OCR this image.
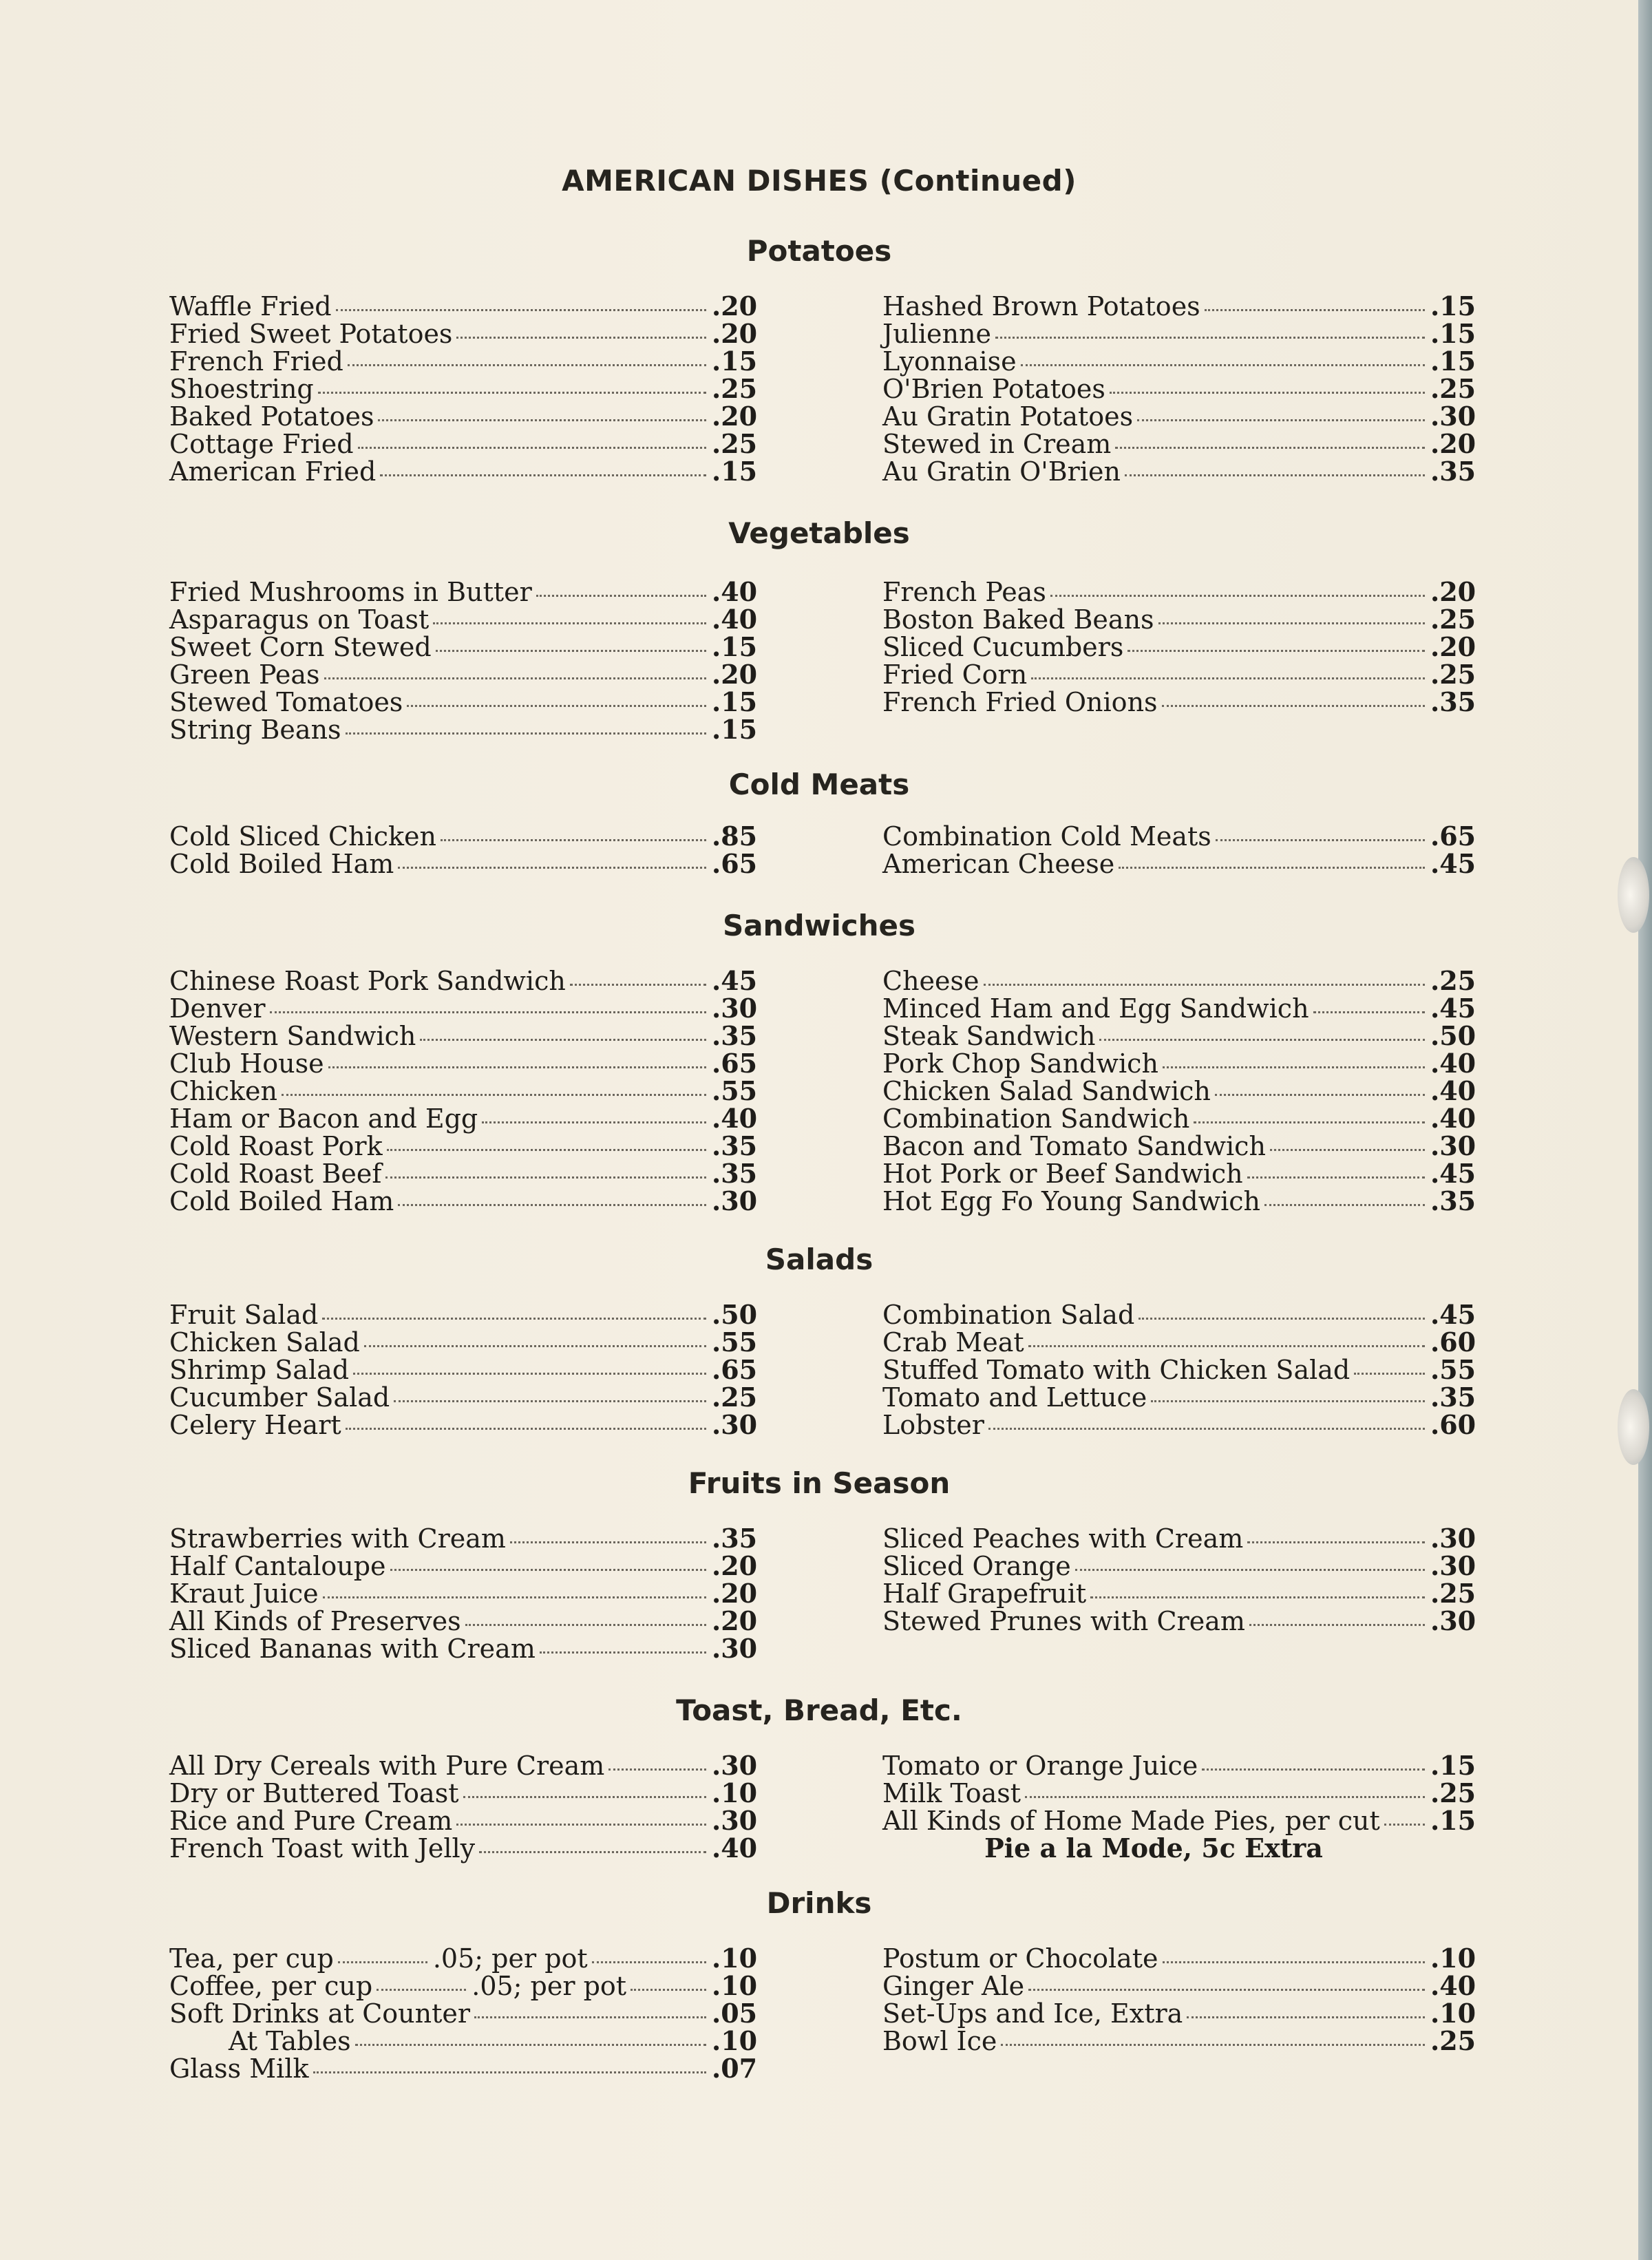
AMERICAN DISHES (Continued)
Potatoes
Waffle Fried	.20
Fried Sweet Potatoes	.20
French Fried	.15
Shoestring	.25
Baked Potatoes	.20
Cottage Fried	.25
American Fried	.15
Hashed Brown Potatoes	.15
Julienne	.15
Lyonnaise	.15
O'Brien Potatoes	.25
Au Gratin Potatoes	.30
Stewed in Cream	.20
Au Gratin O'Brien	.35
Vegetables
Fried Mushrooms in Butter	.40
Asparagus on Toast	.40
Sweet Corn Stewed	.15
Green Peas	.20
Stewed Tomatoes	.15
String Beans	.15
French Peas	.20
Boston Baked Beans	.25
Sliced Cucumbers	.20
Fried Corn	.25
French Fried Onions	.35
Cold Meats
Cold Sliced Chicken	.85
Cold Boiled Ham	.65
Combination Cold Meats	.65
American Cheese	.45
Sandwiches
Chinese Roast Pork Sandwich	.45
Denver	.30
Western Sandwich	.35
Club House	.65
Chicken	.55
Ham or Bacon and Egg	.40
Cold Roast Pork	.35
Cold Roast Beef	.35
Cold Boiled Ham	.30
Cheese	.25
Minced Ham and Egg Sandwich	.45
Steak Sandwich	.50
Pork Chop Sandwich	.40
Chicken Salad Sandwich	.40
Combination Sandwich	.40
Bacon and Tomato Sandwich	.30
Hot Pork or Beef Sandwich	.45
Hot Egg Fo Young Sandwich	.35
Salads
Fruit Salad	.50
Chicken Salad	.55
Shrimp Salad	.65
Cucumber Salad	.25
Celery Heart	.30
Combination Salad	.45
Crab Meat	.60
Stuffed Tomato with Chicken Salad	.55
Tomato and Lettuce	.35
Lobster	.60
Fruits in Season
Strawberries with Cream	.35
Half Cantaloupe	.20
Kraut Juice	.20
All Kinds of Preserves	.20
Sliced Bananas with Cream	.30
Sliced Peaches with Cream	.30
Sliced Orange	.30
Half Grapefruit	.25
Stewed Prunes with Cream	.30
Toast, Bread, Etc.
All Dry Cereals with Pure Cream	.30
Dry or Buttered Toast	.10
Rice and Pure Cream	.30
French Toast with Jelly	.40
Tomato or Orange Juice	.15
Milk Toast	.25
All Kinds of Home Made Pies, per cut .15
Pie a la Mode, 5c Extra
Drinks
Tea, per cup	.05; per pot	.10
Coffee, per cup	.05; per pot	.10
Soft Drinks at Counter	.05
At Tables	.10
Glass Milk	.07
Postum or Chocolate	.10
Ginger Ale	.40
Set-Ups and Ice, Extra	.10
Bowl Ice	.25
